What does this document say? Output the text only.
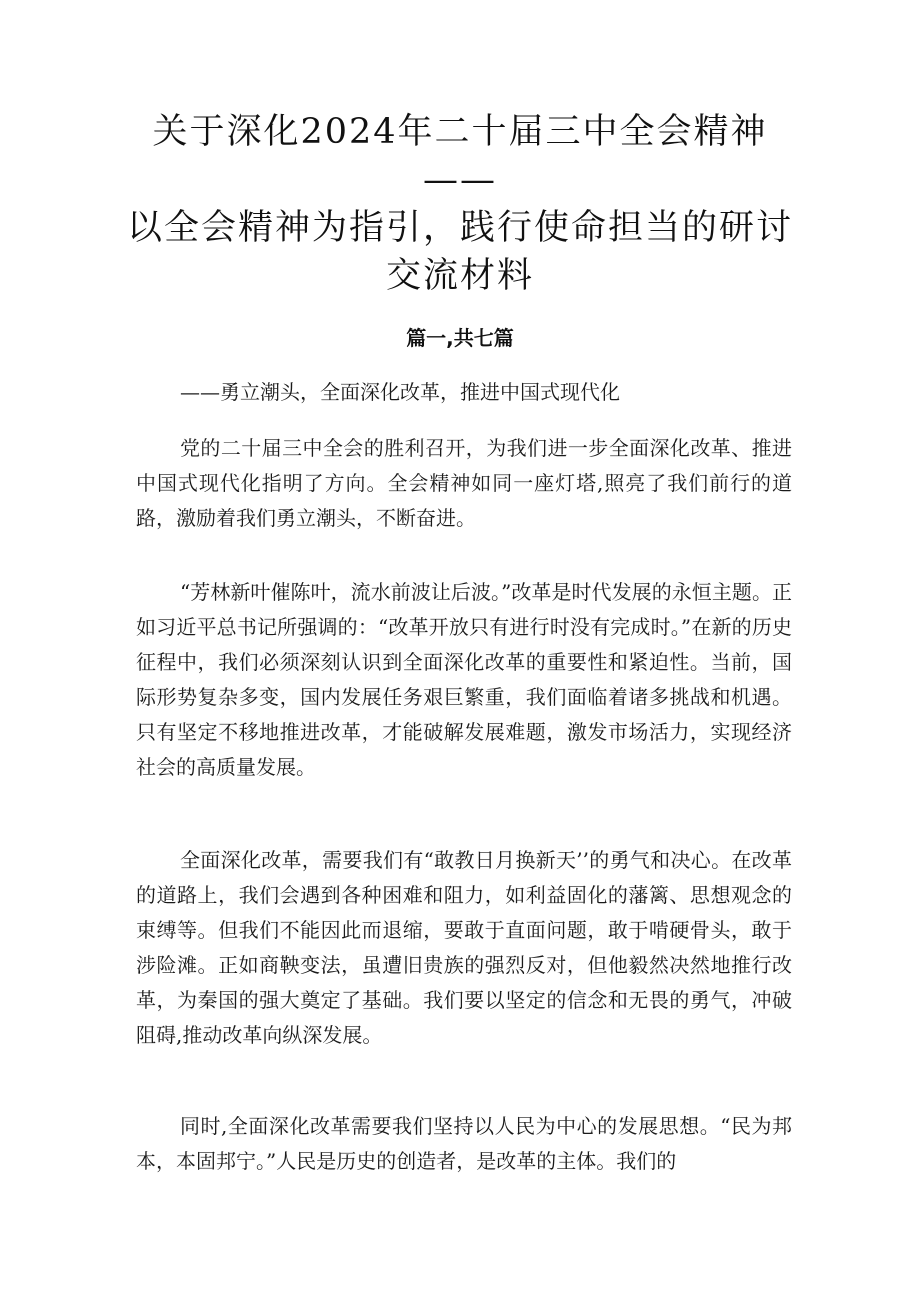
关于深化2024年二十届三中全会精神——
以全会精神为指引，践行使命担当的研讨
交流材料
篇一,共七篇
——勇立潮头，全面深化改革，推进中国式现代化

党的二十届三中全会的胜利召开，为我们进一步全面深化改革、推进中国式现代化指明了方向。全会精神如同一座灯塔,照亮了我们前行的道路，激励着我们勇立潮头，不断奋进。

“芳林新叶催陈叶，流水前波让后波。”改革是时代发展的永恒主题。正如习近平总书记所强调的：“改革开放只有进行时没有完成时。”在新的历史征程中，我们必须深刻认识到全面深化改革的重要性和紧迫性。当前，国际形势复杂多变，国内发展任务艰巨繁重，我们面临着诸多挑战和机遇。只有坚定不移地推进改革，才能破解发展难题，激发市场活力，实现经济社会的高质量发展。

全面深化改革，需要我们有“敢教日月换新天’’的勇气和决心。在改革的道路上，我们会遇到各种困难和阻力，如利益固化的藩篱、思想观念的束缚等。但我们不能因此而退缩，要敢于直面问题，敢于啃硬骨头，敢于涉险滩。正如商鞅变法，虽遭旧贵族的强烈反对，但他毅然决然地推行改革，为秦国的强大奠定了基础。我们要以坚定的信念和无畏的勇气，冲破阻碍,推动改革向纵深发展。

同时,全面深化改革需要我们坚持以人民为中心的发展思想。“民为邦本，本固邦宁。”人民是历史的创造者，是改革的主体。我们的
